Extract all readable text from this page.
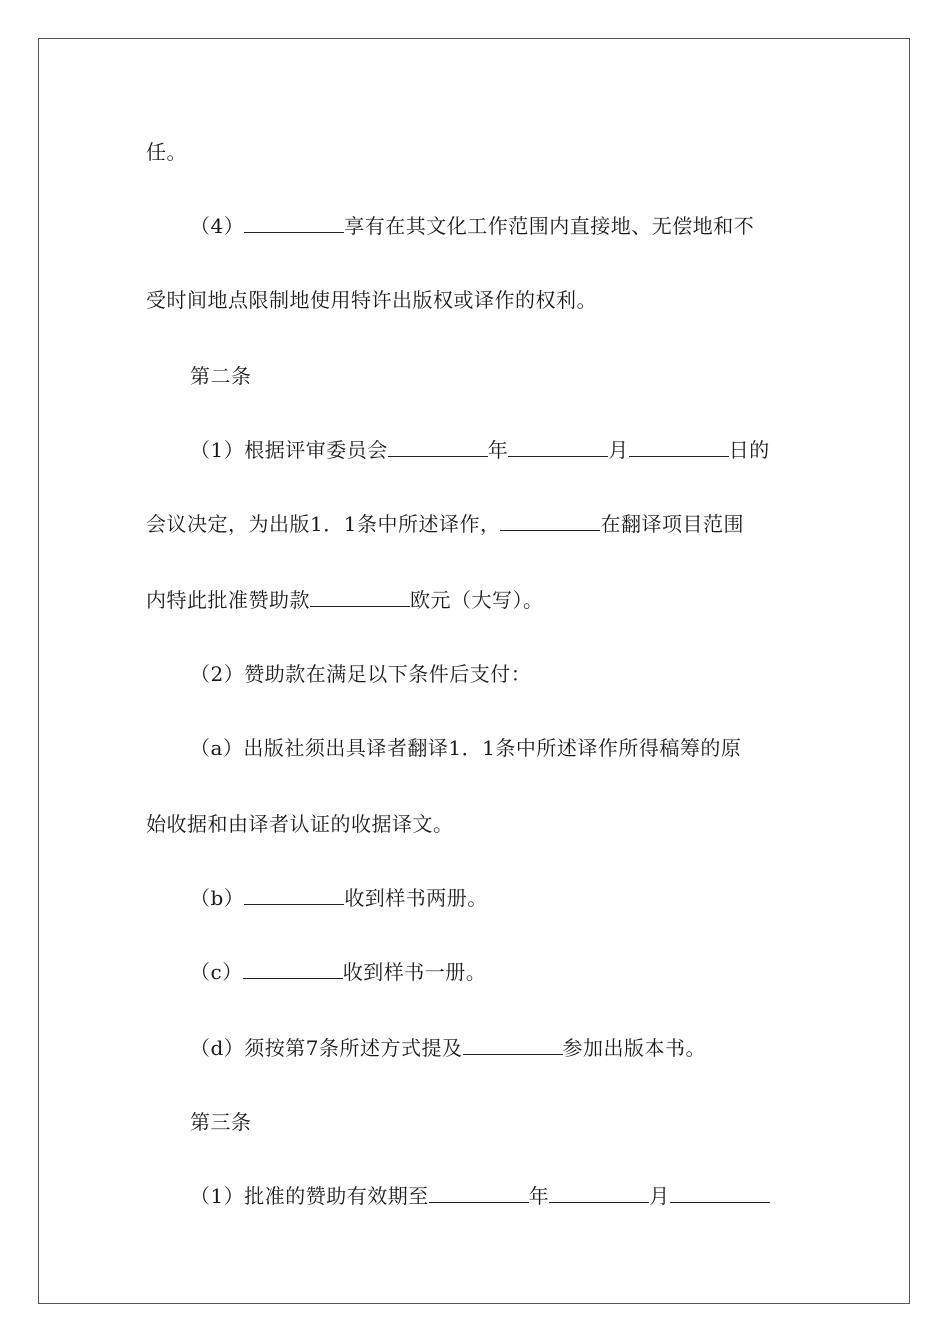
任。
（4）	享有在其文化工作范围内直接地、无偿地和不
受时间地点限制地使用特许出版权或译作的权利。
第二条
（1）根据评审委员会	年	月	日的
会议决定，为出版1．1条中所述译作，	在翻译项目范围
内特此批准赞助款	欧元（大写）。
（2）赞助款在满足以下条件后支付：
（a）出版社须出具译者翻译1．1条中所述译作所得稿筹的原
始收据和由译者认证的收据译文。
（b）	收到样书两册。
（c）	收到样书一册。
（d）须按第7条所述方式提及	参加出版本书。
第三条
（1）批准的赞助有效期至	年	月
